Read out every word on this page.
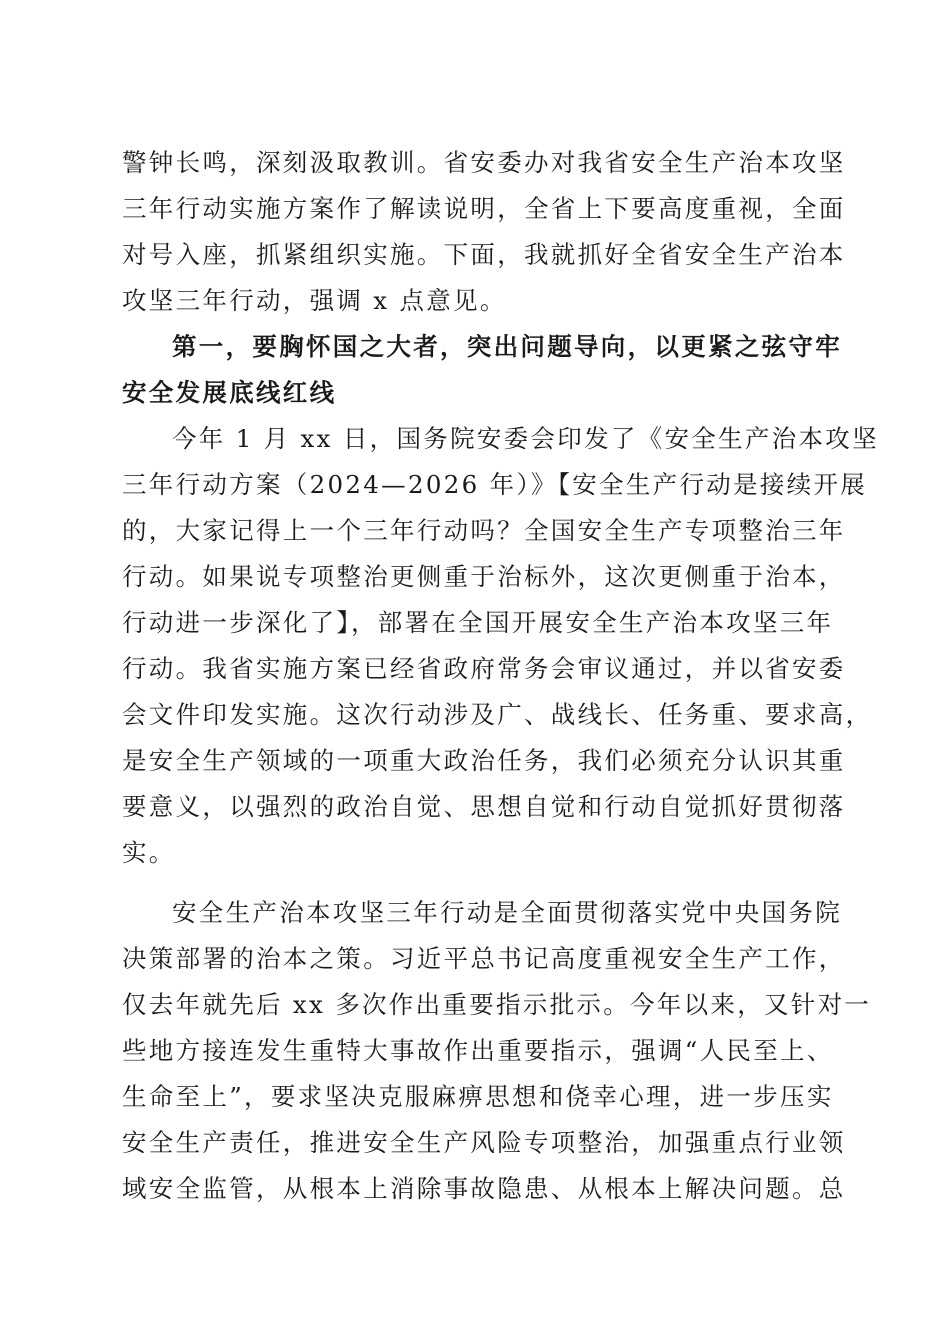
警钟长鸣，深刻汲取教训。省安委办对我省安全生产治本攻坚
三年行动实施方案作了解读说明，全省上下要高度重视，全面
对号入座，抓紧组织实施。下面，我就抓好全省安全生产治本
攻坚三年行动，强调 x 点意见。
第一，要胸怀国之大者，突出问题导向，以更紧之弦守牢
安全发展底线红线
今年 1 月 xx 日，国务院安委会印发了《安全生产治本攻坚
三年行动方案（2024—2026 年）》【安全生产行动是接续开展
的，大家记得上一个三年行动吗？全国安全生产专项整治三年
行动。如果说专项整治更侧重于治标外，这次更侧重于治本，
行动进一步深化了】，部署在全国开展安全生产治本攻坚三年
行动。我省实施方案已经省政府常务会审议通过，并以省安委
会文件印发实施。这次行动涉及广、战线长、任务重、要求高，
是安全生产领域的一项重大政治任务，我们必须充分认识其重
要意义，以强烈的政治自觉、思想自觉和行动自觉抓好贯彻落
实。
安全生产治本攻坚三年行动是全面贯彻落实党中央国务院
决策部署的治本之策。习近平总书记高度重视安全生产工作，
仅去年就先后 xx 多次作出重要指示批示。今年以来，又针对一
些地方接连发生重特大事故作出重要指示，强调“人民至上、
生命至上”，要求坚决克服麻痹思想和侥幸心理，进一步压实
安全生产责任，推进安全生产风险专项整治，加强重点行业领
域安全监管，从根本上消除事故隐患、从根本上解决问题。总
